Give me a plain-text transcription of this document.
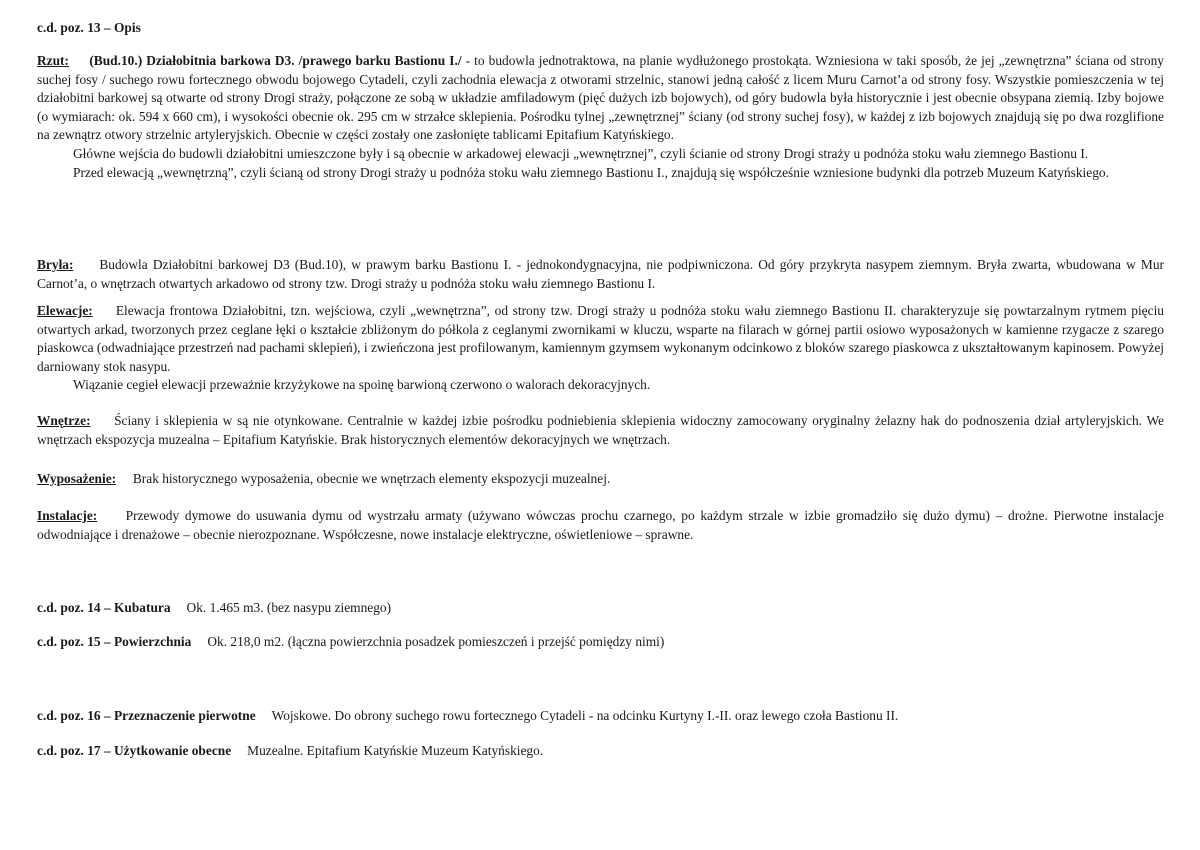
c.d. poz. 13 – Opis

Rzut: (Bud.10.) Działobitnia barkowa D3. /prawego barku Bastionu I./ - to budowla jednotraktowa, na planie wydłużonego prostokąta. Wzniesiona w taki sposób, że jej „zewnętrzna” ściana od strony suchej fosy / suchego rowu fortecznego obwodu bojowego Cytadeli, czyli zachodnia elewacja z otworami strzelnic, stanowi jedną całość z licem Muru Carnot’a od strony fosy. Wszystkie pomieszczenia w tej działobitni barkowej są otwarte od strony Drogi straży, połączone ze sobą w układzie amfiladowym (pięć dużych izb bojowych), od góry budowla była historycznie i jest obecnie obsypana ziemią. Izby bojowe (o wymiarach: ok. 594 x 660 cm), i wysokości obecnie ok. 295 cm w strzałce sklepienia. Pośrodku tylnej „zewnętrznej” ściany (od strony suchej fosy), w każdej z izb bojowych znajdują się po dwa rozglifione na zewnątrz otwory strzelnic artyleryjskich. Obecnie w części zostały one zasłonięte tablicami Epitafium Katyńskiego.

Główne wejścia do budowli działobitni umieszczone były i są obecnie w arkadowej elewacji „wewnętrznej”, czyli ścianie od strony Drogi straży u podnóża stoku wału ziemnego Bastionu I.

Przed elewacją „wewnętrzną”, czyli ścianą od strony Drogi straży u podnóża stoku wału ziemnego Bastionu I., znajdują się współcześnie wzniesione budynki dla potrzeb Muzeum Katyńskiego.

Bryła: Budowla Działobitni barkowej D3 (Bud.10), w prawym barku Bastionu I. - jednokondygnacyjna, nie podpiwniczona. Od góry przykryta nasypem ziemnym. Bryła zwarta, wbudowana w Mur Carnot’a, o wnętrzach otwartych arkadowo od strony tzw. Drogi straży u podnóża stoku wału ziemnego Bastionu I.

Elewacje: Elewacja frontowa Działobitni, tzn. wejściowa, czyli „wewnętrzna”, od strony tzw. Drogi straży u podnóża stoku wału ziemnego Bastionu II. charakteryzuje się powtarzalnym rytmem pięciu otwartych arkad, tworzonych przez ceglane łęki o kształcie zbliżonym do półkola z ceglanymi zwornikami w kluczu, wsparte na filarach w górnej partii osiowo wyposażonych w kamienne rzygacze z szarego piaskowca (odwadniające przestrzeń nad pachami sklepień), i zwieńczona jest profilowanym, kamiennym gzymsem wykonanym odcinkowo z bloków szarego piaskowca z ukształtowanym kapinosem. Powyżej darniowany stok nasypu.

Wiązanie cegieł elewacji przeważnie krzyżykowe na spoinę barwioną czerwono o walorach dekoracyjnych.

Wnętrze: Ściany i sklepienia w są nie otynkowane. Centralnie w każdej izbie pośrodku podniebienia sklepienia widoczny zamocowany oryginalny żelazny hak do podnoszenia dział artyleryjskich. We wnętrzach ekspozycja muzealna – Epitafium Katyńskie. Brak historycznych elementów dekoracyjnych we wnętrzach.

Wyposażenie: Brak historycznego wyposażenia, obecnie we wnętrzach elementy ekspozycji muzealnej.

Instalacje: Przewody dymowe do usuwania dymu od wystrzału armaty (używano wówczas prochu czarnego, po każdym strzale w izbie gromadziło się dużo dymu) – drożne. Pierwotne instalacje odwodniające i drenażowe – obecnie nierozpoznane. Współczesne, nowe instalacje elektryczne, oświetleniowe – sprawne.

c.d. poz. 14 – Kubatura Ok. 1.465 m3. (bez nasypu ziemnego)
c.d. poz. 15 – Powierzchnia Ok. 218,0 m2. (łączna powierzchnia posadzek pomieszczeń i przejść pomiędzy nimi)
c.d. poz. 16 – Przeznaczenie pierwotne Wojskowe. Do obrony suchego rowu fortecznego Cytadeli - na odcinku Kurtyny I.-II. oraz lewego czoła Bastionu II.
c.d. poz. 17 – Użytkowanie obecne Muzealne. Epitafium Katyńskie Muzeum Katyńskiego.
